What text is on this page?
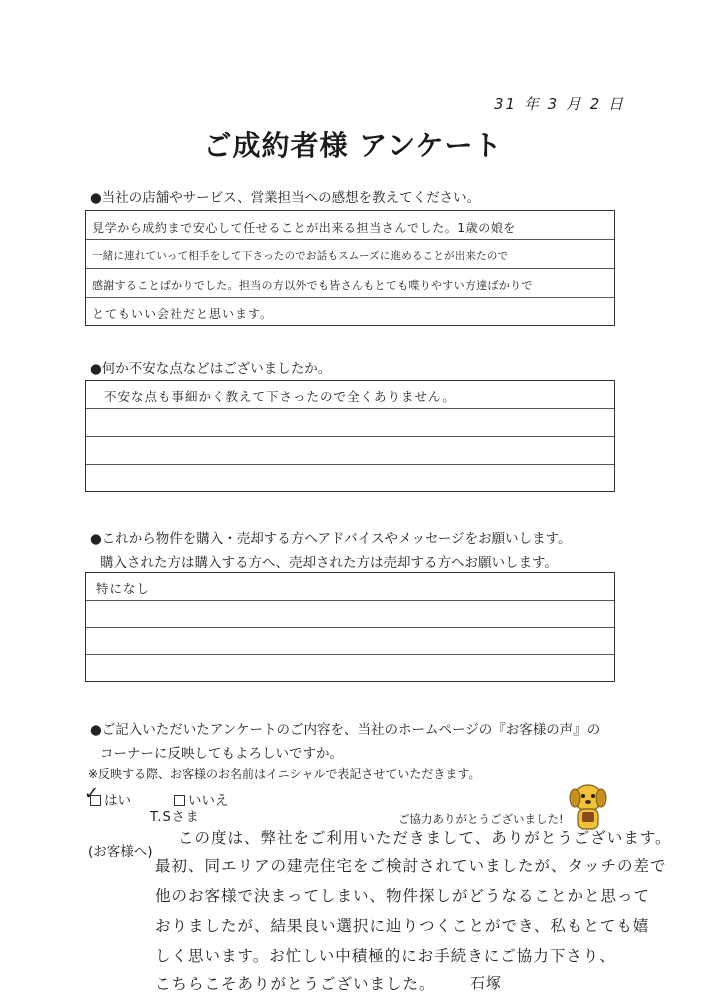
31 年 3 月 2 日
ご成約者様 アンケート
●当社の店舗やサービス、営業担当への感想を教えてください。
見学から成約まで安心して任せることが出来る担当さんでした。1歳の娘を
一緒に連れていって相手をして下さったのでお話もスムーズに進めることが出来たので
感謝することばかりでした。担当の方以外でも皆さんもとても喋りやすい方達ばかりで
とてもいい会社だと思います。
●何か不安な点などはございましたか。
不安な点も事細かく教えて下さったので全くありません。
●これから物件を購入・売却する方へアドバイスやメッセージをお願いします。
購入された方は購入する方へ、売却された方は売却する方へお願いします。
特になし
●ご記入いただいたアンケートのご内容を、当社のホームページの『お客様の声』の
コーナーに反映してもよろしいですか。
※反映する際、お客様のお名前はイニシャルで表記させていただきます。
はい
✓	いいえ
T.Sさま	ご協力ありがとうございました!
(お客様へ)
この度は、弊社をご利用いただきまして、ありがとうございます。
最初、同エリアの建売住宅をご検討されていましたが、タッチの差で
他のお客様で決まってしまい、物件探しがどうなることかと思って
おりましたが、結果良い選択に辿りつくことができ、私もとても嬉
しく思います。お忙しい中積極的にお手続きにご協力下さり、
こちらこそありがとうございました。 石塚
